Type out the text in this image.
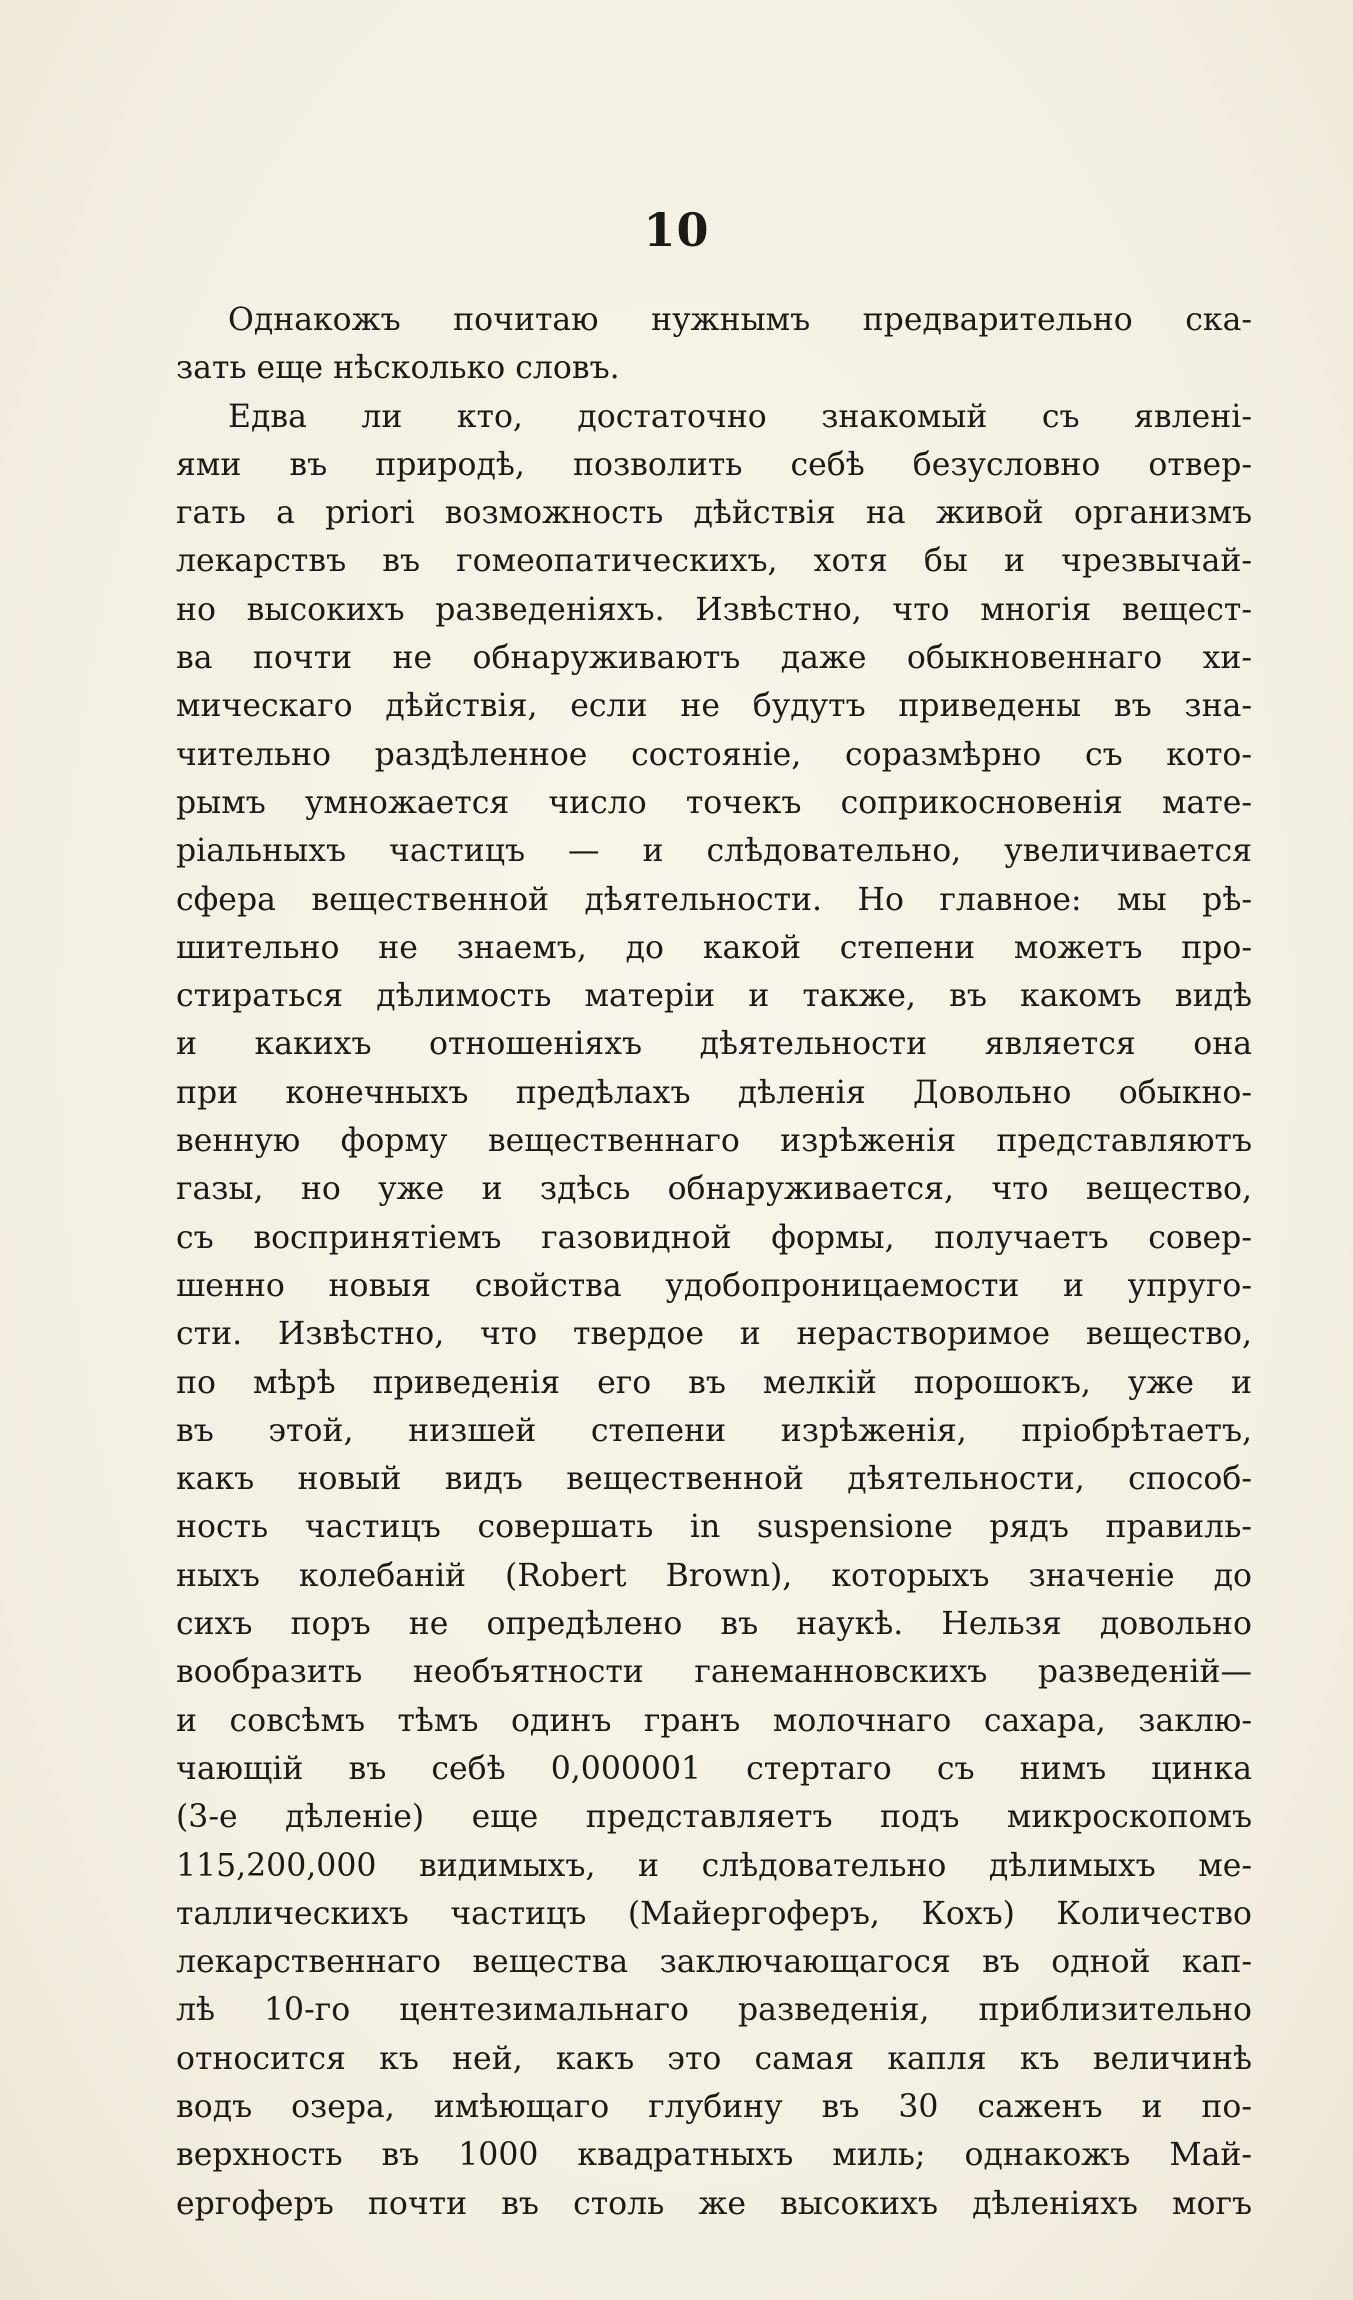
10
Однакожъ почитаю нужнымъ предварительно ска-
зать еще нѣсколько словъ.
Едва ли кто, достаточно знакомый съ явленi-
ями въ природѣ, позволить себѣ безусловно отвер-
гать a priori возможность дѣйствiя на живой организмъ
лекарствъ въ гомеопатическихъ, хотя бы и чрезвычай-
но высокихъ разведенiяхъ. Извѣстно, что многiя вещест-
ва почти не обнаруживаютъ даже обыкновеннаго хи-
мическаго дѣйствiя, если не будутъ приведены въ зна-
чительно раздѣленное состоянiе, соразмѣрно съ кото-
рымъ умножается число точекъ соприкосновенiя мате-
рiальныхъ частицъ — и слѣдовательно, увеличивается
сфера вещественной дѣятельности. Но главное: мы рѣ-
шительно не знаемъ, до какой степени можетъ про-
стираться дѣлимость матерiи и также, въ какомъ видѣ
и какихъ отношенiяхъ дѣятельности является она
при конечныхъ предѣлахъ дѣленiя Довольно обыкно-
венную форму вещественнаго изрѣженiя представляютъ
газы, но уже и здѣсь обнаруживается, что вещество,
съ воспринятiемъ газовидной формы, получаетъ совер-
шенно новыя свойства удобопроницаемости и упруго-
сти. Извѣстно, что твердое и нерастворимое вещество,
по мѣрѣ приведенiя его въ мелкiй порошокъ, уже и
въ этой, низшей степени изрѣженiя, прiобрѣтаетъ,
какъ новый видъ вещественной дѣятельности, способ-
ность частицъ совершать in suspensione рядъ правиль-
ныхъ колебанiй (Robert Brown), которыхъ значенiе до
сихъ поръ не опредѣлено въ наукѣ. Нельзя довольно
вообразить необъятности ганеманновскихъ разведенiй—
и совсѣмъ тѣмъ одинъ гранъ молочнаго сахара, заклю-
чающiй въ себѣ 0,000001 стертаго съ нимъ цинка
(3-е дѣленiе) еще представляетъ подъ микроскопомъ
115,200,000 видимыхъ, и слѣдовательно дѣлимыхъ ме-
таллическихъ частицъ (Майергоферъ, Кохъ) Количество
лекарственнаго вещества заключающагося въ одной кап-
лѣ 10-го центезимальнаго разведенiя, приблизительно
относится къ ней, какъ это самая капля къ величинѣ
водъ озера, имѣющаго глубину въ 30 саженъ и по-
верхность въ 1000 квадратныхъ миль; однакожъ Май-
ергоферъ почти въ столь же высокихъ дѣленiяхъ могъ
